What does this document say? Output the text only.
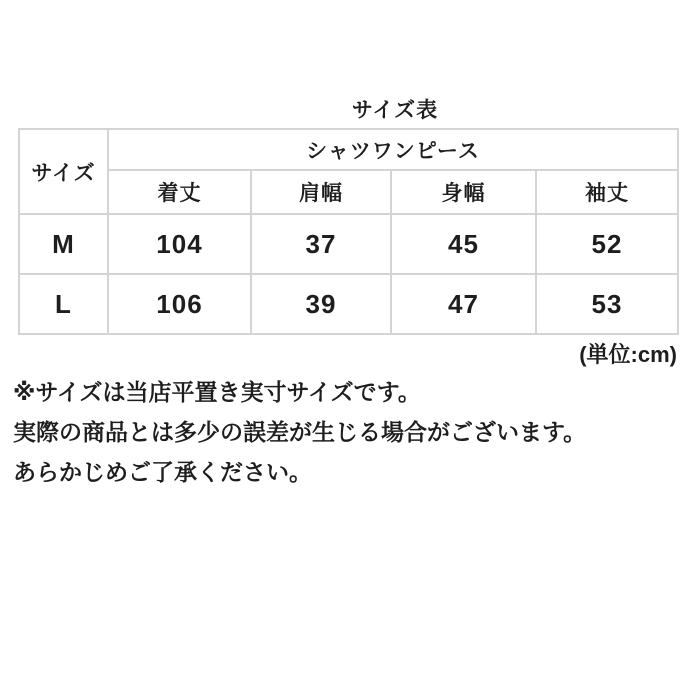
サイズ表
サイズ	シャツワンピース			
	着丈	肩幅	身幅	袖丈
M	104	37	45	52
L	106	39	47	53
(単位:cm)
※サイズは当店平置き実寸サイズです。
実際の商品とは多少の誤差が生じる場合がございます。
あらかじめご了承ください。
